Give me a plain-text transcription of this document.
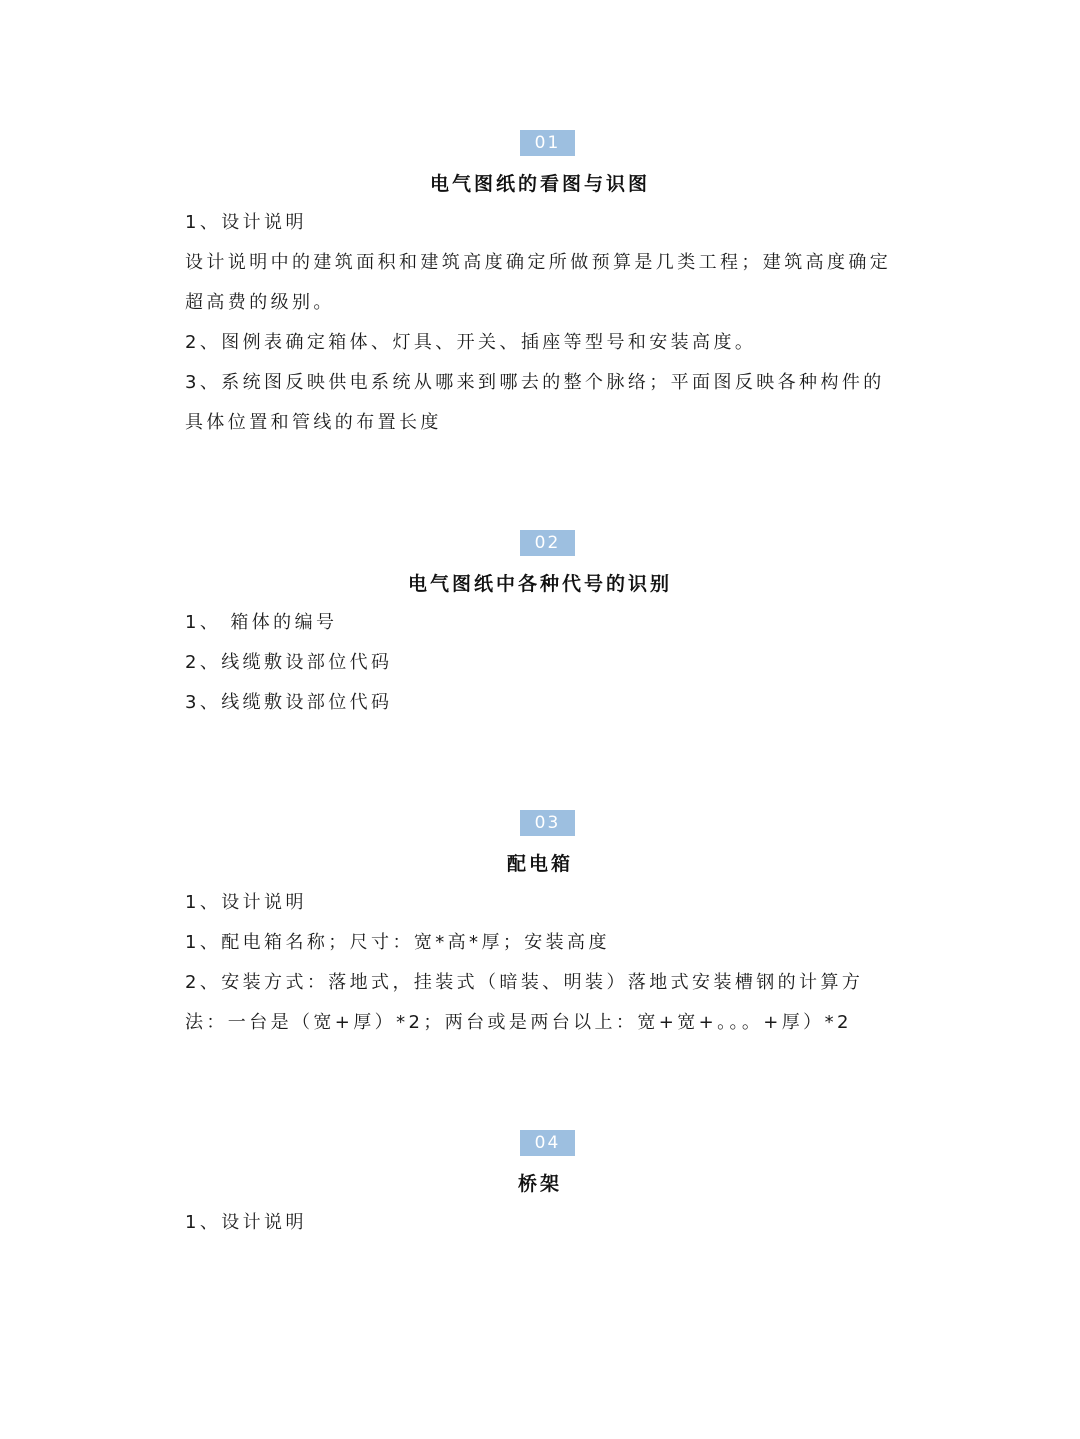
01
电气图纸的看图与识图
1、设计说明
设计说明中的建筑面积和建筑高度确定所做预算是几类工程；建筑高度确定超高费的级别。
2、图例表确定箱体、灯具、开关、插座等型号和安装高度。
3、系统图反映供电系统从哪来到哪去的整个脉络；平面图反映各种构件的具体位置和管线的布置长度
02
电气图纸中各种代号的识别
1、 箱体的编号
2、线缆敷设部位代码
3、线缆敷设部位代码
03
配电箱
1、设计说明
1、配电箱名称；尺寸：宽*高*厚；安装高度
2、安装方式：落地式，挂装式（暗装、明装）落地式安装槽钢的计算方法：一台是（宽+厚）*2；两台或是两台以上：宽+宽+。。。+厚）*2
04
桥架
1、设计说明
